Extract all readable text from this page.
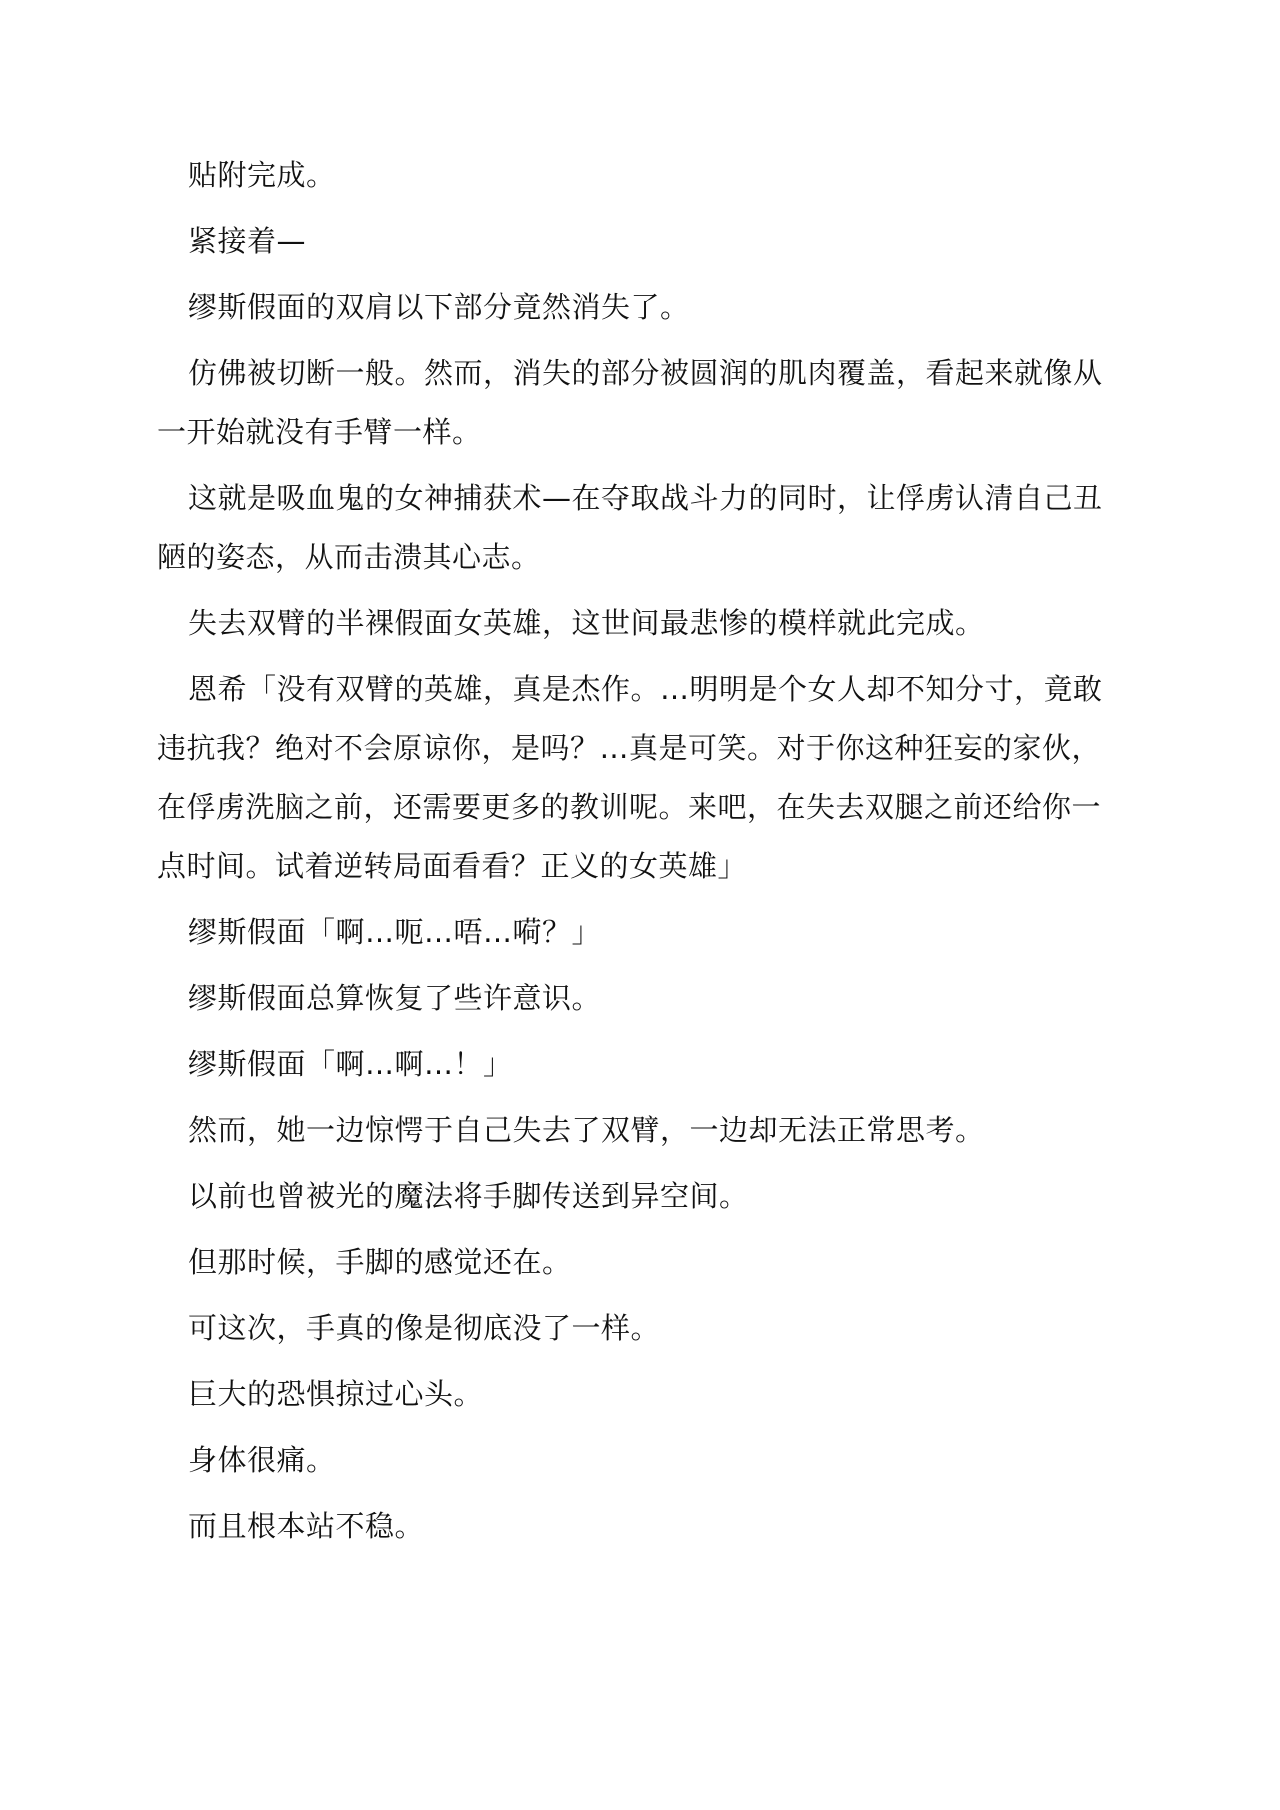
贴附完成。
紧接着—
缪斯假面的双肩以下部分竟然消失了。
仿佛被切断一般。然而，消失的部分被圆润的肌肉覆盖，看起来就像从
一开始就没有手臂一样。
这就是吸血鬼的女神捕获术—在夺取战斗力的同时，让俘虏认清自己丑
陋的姿态，从而击溃其心志。
失去双臂的半裸假面女英雄，这世间最悲惨的模样就此完成。
恩希「没有双臂的英雄，真是杰作。…明明是个女人却不知分寸，竟敢
违抗我？绝对不会原谅你，是吗？…真是可笑。对于你这种狂妄的家伙，
在俘虏洗脑之前，还需要更多的教训呢。来吧，在失去双腿之前还给你一
点时间。试着逆转局面看看？正义的女英雄」
缪斯假面「啊…呃…唔…嗬？」
缪斯假面总算恢复了些许意识。
缪斯假面「啊…啊…！」
然而，她一边惊愕于自己失去了双臂，一边却无法正常思考。
以前也曾被光的魔法将手脚传送到异空间。
但那时候，手脚的感觉还在。
可这次，手真的像是彻底没了一样。
巨大的恐惧掠过心头。
身体很痛。
而且根本站不稳。
